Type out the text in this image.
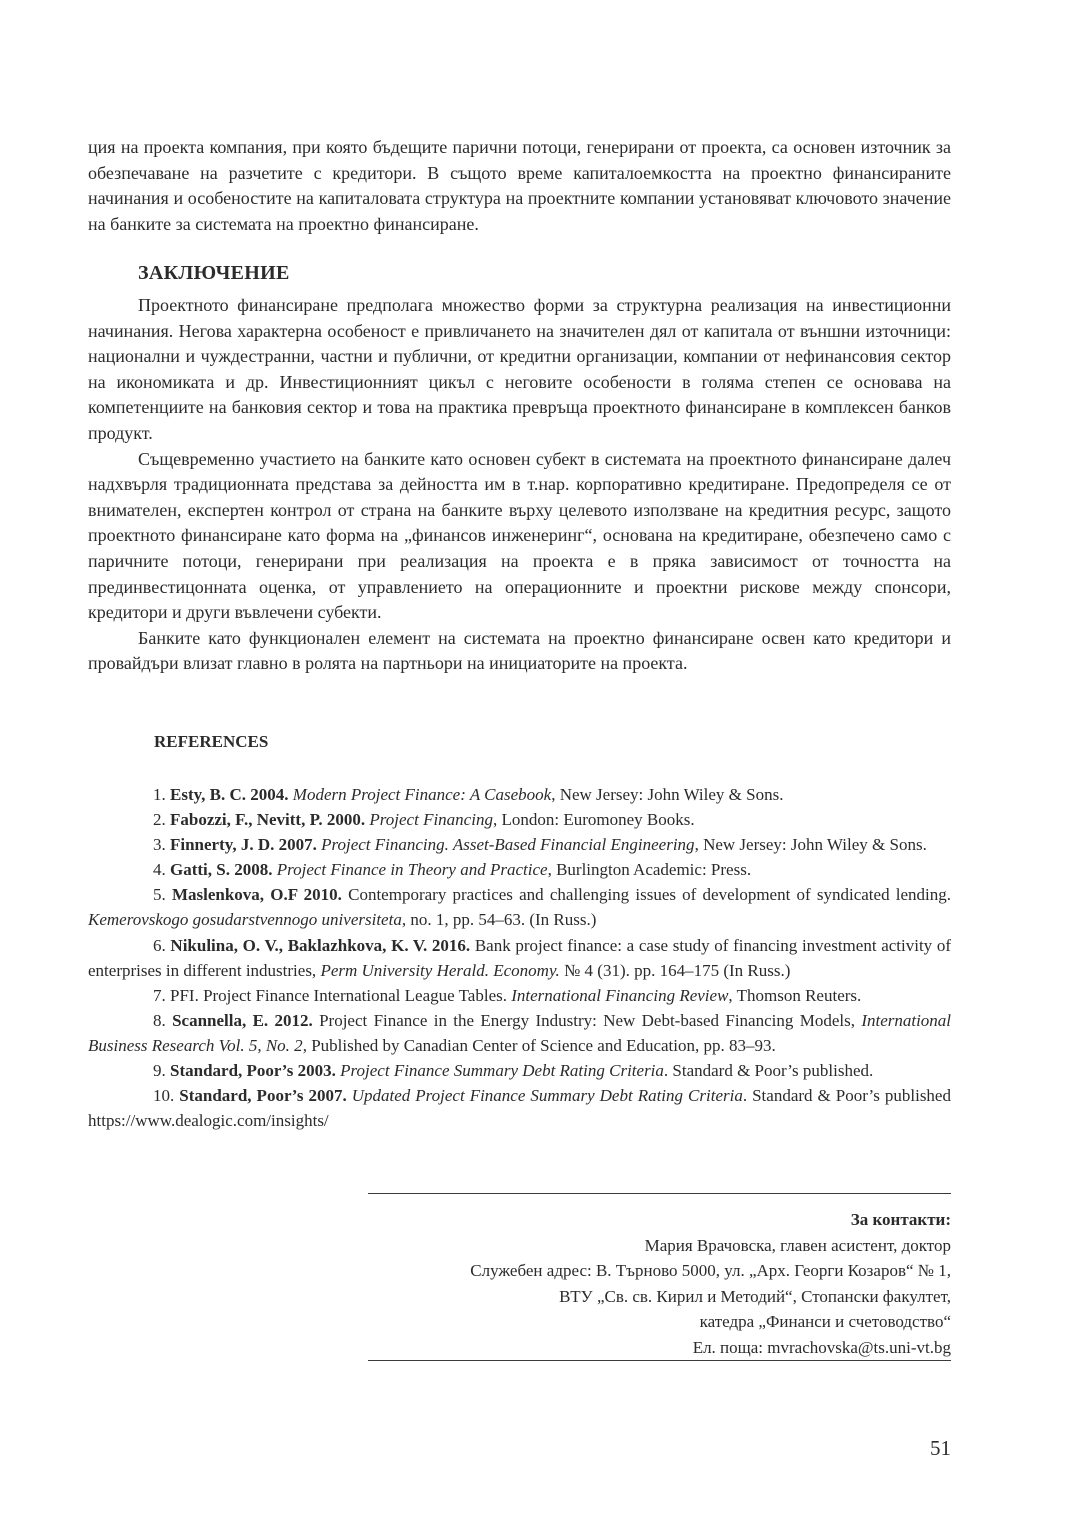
ция на проекта компания, при която бъдещите парични потоци, генерирани от проекта, са основен източник за обезпечаване на разчетите с кредитори. В същото време капиталоемкостта на проектно финансираните начинания и особеностите на капиталовата структура на проектните компании установяват ключовото значение на банките за системата на проектно финансиране.

ЗАКЛЮЧЕНИЕ

Проектното финансиране предполага множество форми за структурна реализация на инвестиционни начинания. Негова характерна особеност е привличането на значителен дял от капитала от външни източници: национални и чуждестранни, частни и публични, от кредитни организации, компании от нефинансовия сектор на икономиката и др. Инвестиционният цикъл с неговите особености в голяма степен се основава на компетенциите на банковия сектор и това на практика превръща проектното финансиране в комплексен банков продукт.

Същевременно участието на банките като основен субект в системата на проектното финансиране далеч надхвърля традиционната представа за дейността им в т.нар. корпоративно кредитиране. Предопределя се от внимателен, експертен контрол от страна на банките върху целевото използване на кредитния ресурс, защото проектното финансиране като форма на „финансов инженеринг“, основана на кредитиране, обезпечено само с паричните потоци, генерирани при реализация на проекта е в пряка зависимост от точността на прединвестицонната оценка, от управлението на операционните и проектни рискове между спонсори, кредитори и други въвлечени субекти.

Банките като функционален елемент на системата на проектно финансиране освен като кредитори и провайдъри влизат главно в ролята на партньори на инициаторите на проекта.

REFERENCES

1. Esty, B. C. 2004. Modern Project Finance: A Casebook, New Jersey: John Wiley & Sons.

2. Fabozzi, F., Nevitt, P. 2000. Project Financing, London: Euromoney Books.

3. Finnerty, J. D. 2007. Project Financing. Asset-Based Financial Engineering, New Jersey: John Wiley & Sons.

4. Gatti, S. 2008. Project Finance in Theory and Practice, Burlington Academic: Press.

5. Maslenkova, O.F 2010. Contemporary practices and challenging issues of development of syndicated lending. Kemerovskogo gosudarstvennogo universiteta, no. 1, pp. 54–63. (In Russ.)

6. Nikulina, O. V., Baklazhkova, K. V. 2016. Bank project finance: a case study of financing investment activity of enterprises in different industries, Perm University Herald. Economy. № 4 (31). pp. 164–175 (In Russ.)

7. PFI. Project Finance International League Tables. International Financing Review, Thomson Reuters.

8. Scannella, E. 2012. Project Finance in the Energy Industry: New Debt-based Financing Models, International Business Research Vol. 5, No. 2, Published by Canadian Center of Science and Education, pp. 83–93.

9. Standard, Poor’s 2003. Project Finance Summary Debt Rating Criteria. Standard & Poor’s published.

10. Standard, Poor’s 2007. Updated Project Finance Summary Debt Rating Criteria. Standard & Poor’s published https://www.dealogic.com/insights/

За контакти:
Мария Врачовска, главен асистент, доктор
Служебен адрес: В. Търново 5000, ул. „Арх. Георги Козаров“ № 1,
ВТУ „Св. св. Кирил и Методий“, Стопански факултет,
катедра „Финанси и счетоводство“
Ел. поща: mvrachovska@ts.uni-vt.bg
51
